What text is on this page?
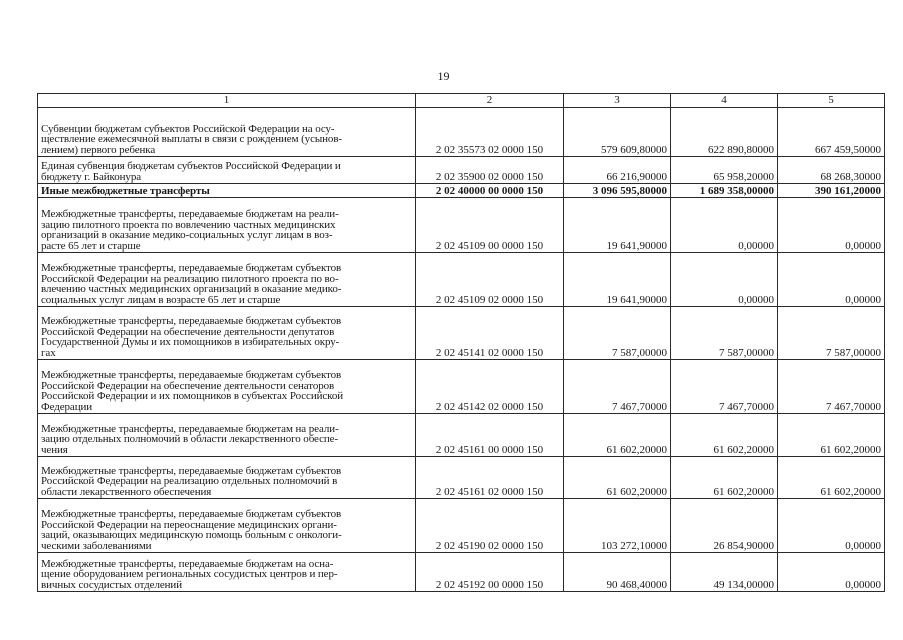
19
1	2	3	4	5

Субвенции бюджетам субъектов Российской Федерации на осу-
ществление ежемесячной выплаты в связи с рождением (усынов-
лением) первого ребенка	2 02 35573 02 0000 150	579 609,80000	622 890,80000	667 459,50000

Единая субвенция бюджетам субъектов Российской Федерации и
бюджету г. Байконура	2 02 35900 02 0000 150	66 216,90000	65 958,20000	68 268,30000

Иные межбюджетные трансферты	2 02 40000 00 0000 150	3 096 595,80000	1 689 358,00000	390 161,20000

Межбюджетные трансферты, передаваемые бюджетам на реали-
зацию пилотного проекта по вовлечению частных медицинских
организаций в оказание медико-социальных услуг лицам в воз-
расте 65 лет и старше	2 02 45109 00 0000 150	19 641,90000	0,00000	0,00000

Межбюджетные трансферты, передаваемые бюджетам субъектов
Российской Федерации на реализацию пилотного проекта по во-
влечению частных медицинских организаций в оказание медико-
социальных услуг лицам в возрасте 65 лет и старше	2 02 45109 02 0000 150	19 641,90000	0,00000	0,00000

Межбюджетные трансферты, передаваемые бюджетам субъектов
Российской Федерации на обеспечение деятельности депутатов
Государственной Думы и их помощников в избирательных окру-
гах	2 02 45141 02 0000 150	7 587,00000	7 587,00000	7 587,00000

Межбюджетные трансферты, передаваемые бюджетам субъектов
Российской Федерации на обеспечение деятельности сенаторов
Российской Федерации и их помощников в субъектах Российской
Федерации	2 02 45142 02 0000 150	7 467,70000	7 467,70000	7 467,70000

Межбюджетные трансферты, передаваемые бюджетам на реали-
зацию отдельных полномочий в области лекарственного обеспе-
чения	2 02 45161 00 0000 150	61 602,20000	61 602,20000	61 602,20000

Межбюджетные трансферты, передаваемые бюджетам субъектов
Российской Федерации на реализацию отдельных полномочий в
области лекарственного обеспечения	2 02 45161 02 0000 150	61 602,20000	61 602,20000	61 602,20000

Межбюджетные трансферты, передаваемые бюджетам субъектов
Российской Федерации на переоснащение медицинских органи-
заций, оказывающих медицинскую помощь больным с онкологи-
ческими заболеваниями	2 02 45190 02 0000 150	103 272,10000	26 854,90000	0,00000

Межбюджетные трансферты, передаваемые бюджетам на осна-
щение оборудованием региональных сосудистых центров и пер-
вичных сосудистых отделений	2 02 45192 00 0000 150	90 468,40000	49 134,00000	0,00000
